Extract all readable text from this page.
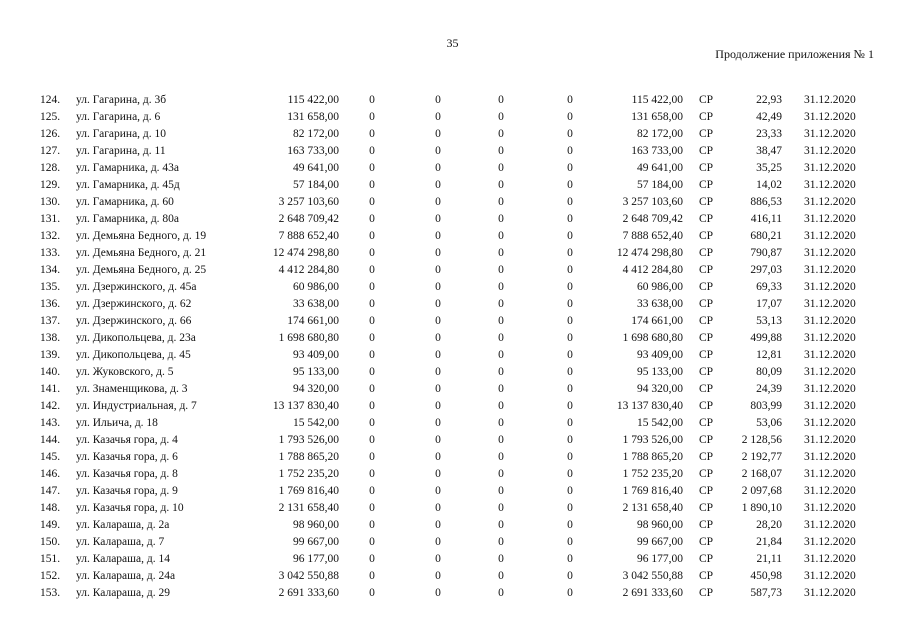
35
Продолжение приложения № 1
124.	ул. Гагарина, д. 3б	115 422,00	0	0	0	0	115 422,00 СР	22,93 31.12.2020
125.	ул. Гагарина, д. 6	131 658,00	0	0	0	0	131 658,00 СР	42,49 31.12.2020
126.	ул. Гагарина, д. 10	82 172,00	0	0	0	0	82 172,00 СР	23,33 31.12.2020
127.	ул. Гагарина, д. 11	163 733,00	0	0	0	0	163 733,00 СР	38,47 31.12.2020
128.	ул. Гамарника, д. 43а	49 641,00	0	0	0	0	49 641,00 СР	35,25 31.12.2020
129.	ул. Гамарника, д. 45д	57 184,00	0	0	0	0	57 184,00 СР	14,02 31.12.2020
130.	ул. Гамарника, д. 60	3 257 103,60	0	0	0	0	3 257 103,60 СР	886,53 31.12.2020
131.	ул. Гамарника, д. 80а	2 648 709,42	0	0	0	0	2 648 709,42 СР	416,11 31.12.2020
132.	ул. Демьяна Бедного, д. 19	7 888 652,40	0	0	0	0	7 888 652,40 СР	680,21 31.12.2020
133.	ул. Демьяна Бедного, д. 21	12 474 298,80	0	0	0	0	12 474 298,80 СР	790,87 31.12.2020
134.	ул. Демьяна Бедного, д. 25	4 412 284,80	0	0	0	0	4 412 284,80 СР	297,03 31.12.2020
135.	ул. Дзержинского, д. 45а	60 986,00	0	0	0	0	60 986,00 СР	69,33 31.12.2020
136.	ул. Дзержинского, д. 62	33 638,00	0	0	0	0	33 638,00 СР	17,07 31.12.2020
137.	ул. Дзержинского, д. 66	174 661,00	0	0	0	0	174 661,00 СР	53,13 31.12.2020
138.	ул. Дикопольцева, д. 23а	1 698 680,80	0	0	0	0	1 698 680,80 СР	499,88 31.12.2020
139.	ул. Дикопольцева, д. 45	93 409,00	0	0	0	0	93 409,00 СР	12,81 31.12.2020
140.	ул. Жуковского, д. 5	95 133,00	0	0	0	0	95 133,00 СР	80,09 31.12.2020
141.	ул. Знаменщикова, д. 3	94 320,00	0	0	0	0	94 320,00 СР	24,39 31.12.2020
142.	ул. Индустриальная, д. 7	13 137 830,40	0	0	0	0	13 137 830,40 СР	803,99 31.12.2020
143.	ул. Ильича, д. 18	15 542,00	0	0	0	0	15 542,00 СР	53,06 31.12.2020
144.	ул. Казачья гора, д. 4	1 793 526,00	0	0	0	0	1 793 526,00 СР	2 128,56 31.12.2020
145.	ул. Казачья гора, д. 6	1 788 865,20	0	0	0	0	1 788 865,20 СР	2 192,77 31.12.2020
146.	ул. Казачья гора, д. 8	1 752 235,20	0	0	0	0	1 752 235,20 СР	2 168,07 31.12.2020
147.	ул. Казачья гора, д. 9	1 769 816,40	0	0	0	0	1 769 816,40 СР	2 097,68 31.12.2020
148.	ул. Казачья гора, д. 10	2 131 658,40	0	0	0	0	2 131 658,40 СР	1 890,10 31.12.2020
149.	ул. Калараша, д. 2а	98 960,00	0	0	0	0	98 960,00 СР	28,20 31.12.2020
150.	ул. Калараша, д. 7	99 667,00	0	0	0	0	99 667,00 СР	21,84 31.12.2020
151.	ул. Калараша, д. 14	96 177,00	0	0	0	0	96 177,00 СР	21,11 31.12.2020
152.	ул. Калараша, д. 24а	3 042 550,88	0	0	0	0	3 042 550,88 СР	450,98 31.12.2020
153.	ул. Калараша, д. 29	2 691 333,60	0	0	0	0	2 691 333,60 СР	587,73 31.12.2020
